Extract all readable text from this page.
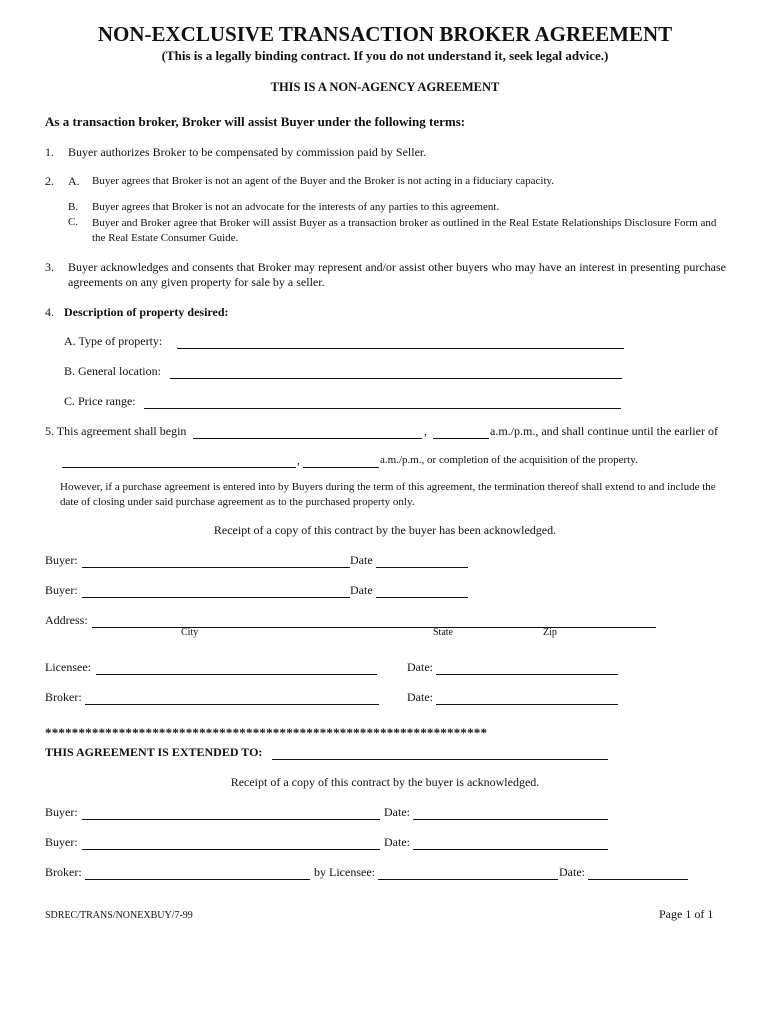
NON-EXCLUSIVE TRANSACTION BROKER AGREEMENT
(This is a legally binding contract. If you do not understand it, seek legal advice.)
THIS IS A NON-AGENCY AGREEMENT
As a transaction broker, Broker will assist Buyer under the following terms:
1. Buyer authorizes Broker to be compensated by commission paid by Seller.
2. A. Buyer agrees that Broker is not an agent of the Buyer and the Broker is not acting in a fiduciary capacity.
B. Buyer agrees that Broker is not an advocate for the interests of any parties to this agreement.
C. Buyer and Broker agree that Broker will assist Buyer as a transaction broker as outlined in the Real Estate Relationships Disclosure Form and the Real Estate Consumer Guide.
3. Buyer acknowledges and consents that Broker may represent and/or assist other buyers who may have an interest in presenting purchase agreements on any given property for sale by a seller.
4. Description of property desired:
A. Type of property:
B. General location:
C. Price range:
5. This agreement shall begin	,	a.m./p.m., and shall continue until the earlier of
,	a.m./p.m., or completion of the acquisition of the property.
However, if a purchase agreement is entered into by Buyers during the term of this agreement, the termination thereof shall extend to and include the date of closing under said purchase agreement as to the purchased property only.
Receipt of a copy of this contract by the buyer has been acknowledged.
Buyer:	Date
Buyer:	Date
Address:
City	State	Zip
Licensee:	Date:
Broker:	Date:
******************************************************************
THIS AGREEMENT IS EXTENDED TO:
Receipt of a copy of this contract by the buyer is acknowledged.
Buyer:	Date:
Buyer:	Date:
Broker:	by Licensee:	Date:
SDREC/TRANS/NONEXBUY/7-99	Page 1 of 1
